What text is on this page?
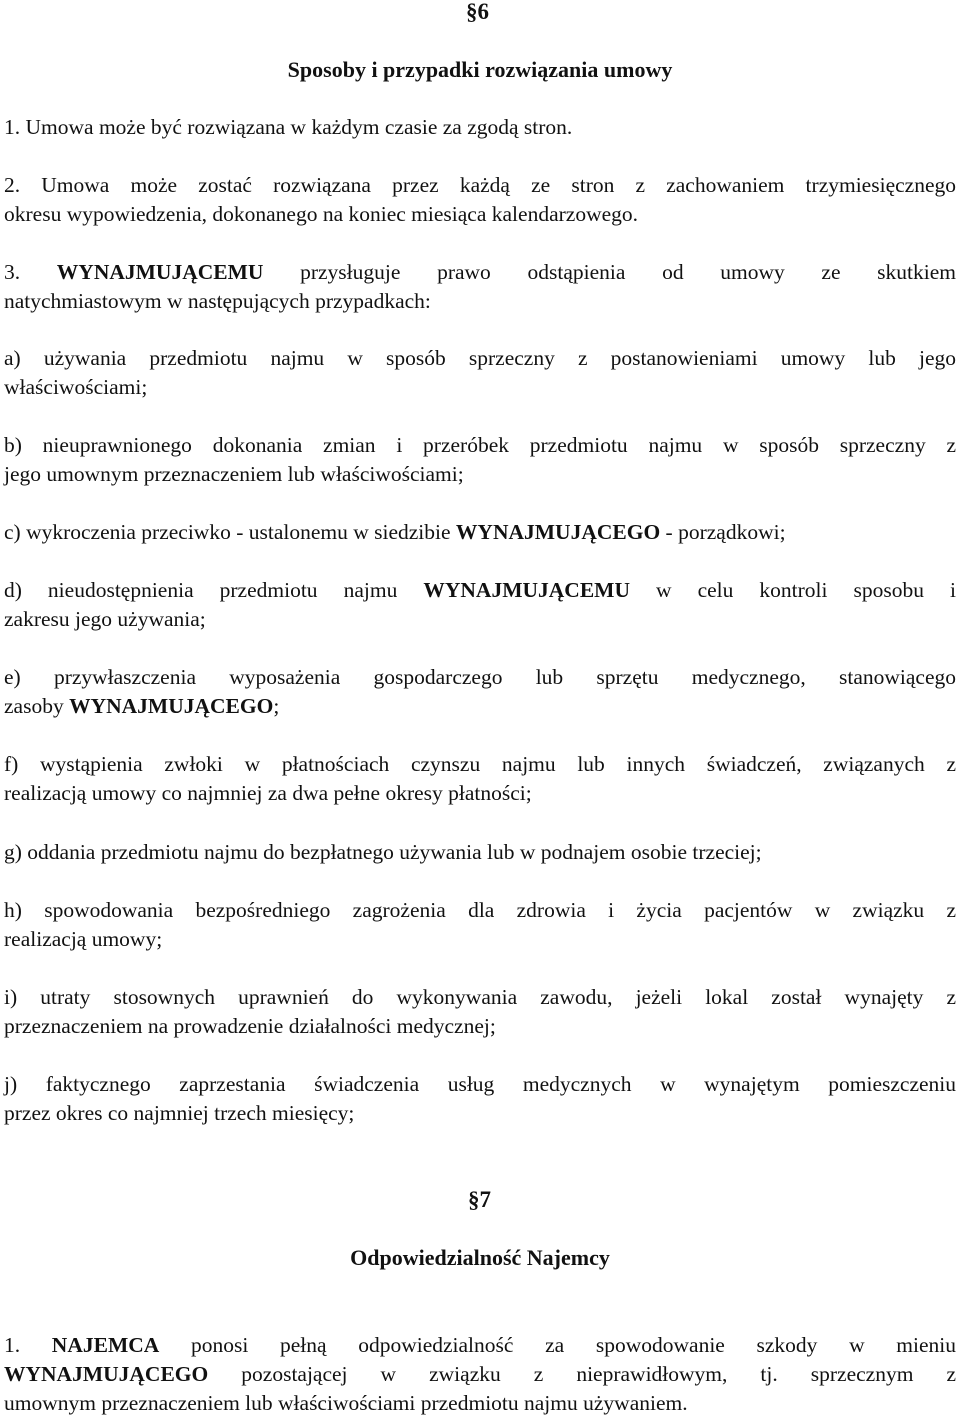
§6
Sposoby i przypadki rozwiązania umowy
1. Umowa może być rozwiązana w każdym czasie za zgodą stron.
2. Umowa może zostać rozwiązana przez każdą ze stron z zachowaniem trzymiesięcznego
okresu wypowiedzenia, dokonanego na koniec miesiąca kalendarzowego.
3. WYNAJMUJĄCEMU przysługuje prawo odstąpienia od umowy ze skutkiem
natychmiastowym w następujących przypadkach:
a) używania przedmiotu najmu w sposób sprzeczny z postanowieniami umowy lub jego
właściwościami;
b) nieuprawnionego dokonania zmian i przeróbek przedmiotu najmu w sposób sprzeczny z
jego umownym przeznaczeniem lub właściwościami;
c) wykroczenia przeciwko - ustalonemu w siedzibie WYNAJMUJĄCEGO - porządkowi;
d) nieudostępnienia przedmiotu najmu WYNAJMUJĄCEMU w celu kontroli sposobu i
zakresu jego używania;
e) przywłaszczenia wyposażenia gospodarczego lub sprzętu medycznego, stanowiącego
zasoby WYNAJMUJĄCEGO;
f) wystąpienia zwłoki w płatnościach czynszu najmu lub innych świadczeń, związanych z
realizacją umowy co najmniej za dwa pełne okresy płatności;
g) oddania przedmiotu najmu do bezpłatnego używania lub w podnajem osobie trzeciej;
h) spowodowania bezpośredniego zagrożenia dla zdrowia i życia pacjentów w związku z
realizacją umowy;
i) utraty stosownych uprawnień do wykonywania zawodu, jeżeli lokal został wynajęty z
przeznaczeniem na prowadzenie działalności medycznej;
j) faktycznego zaprzestania świadczenia usług medycznych w wynajętym pomieszczeniu
przez okres co najmniej trzech miesięcy;
§7
Odpowiedzialność Najemcy
1. NAJEMCA ponosi pełną odpowiedzialność za spowodowanie szkody w mieniu
WYNAJMUJĄCEGO pozostającej w związku z nieprawidłowym, tj. sprzecznym z
umownym przeznaczeniem lub właściwościami przedmiotu najmu używaniem.
